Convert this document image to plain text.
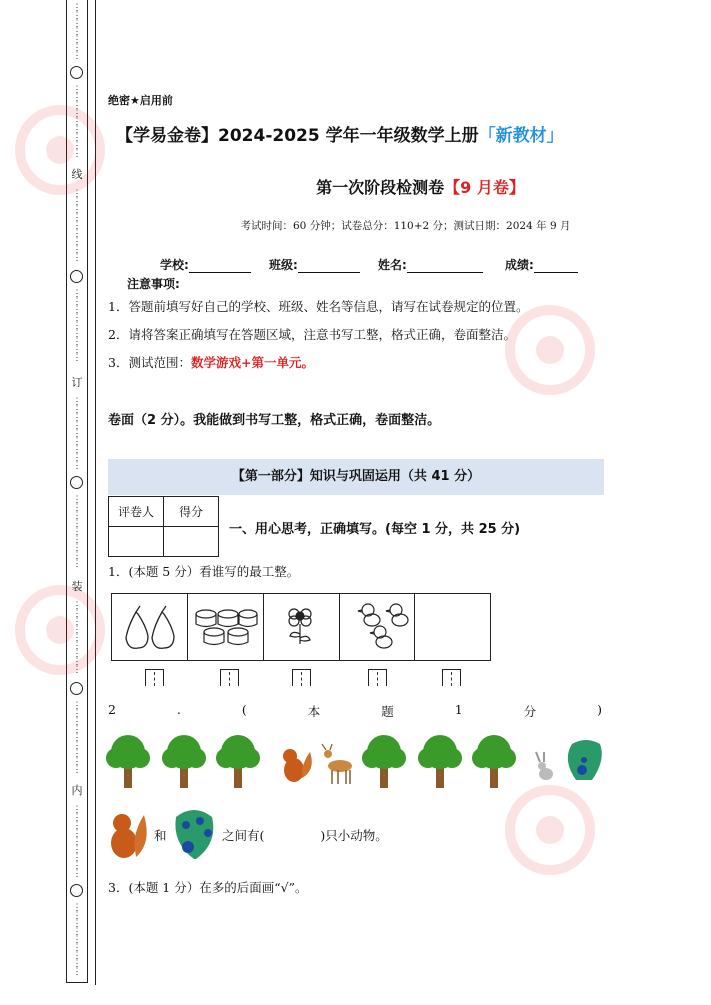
⋮
⋮
⋮
⋮
⋮
⋮
⋮
⋮
⋮
⋮
⋮
⋮
⋮
⋮
⋮
⋮
线
⋮
⋮
⋮
⋮
⋮
⋮
⋮
⋮
⋮
⋮
⋮
⋮
⋮
⋮
⋮
⋮
⋮
⋮
订
⋮
⋮
⋮
⋮
⋮
⋮
⋮
⋮
⋮
⋮
⋮
⋮
⋮
⋮
⋮
⋮
⋮
⋮
装
⋮
⋮
⋮
⋮
⋮
⋮
⋮
⋮
⋮
⋮
⋮
⋮
⋮
⋮
⋮
⋮
⋮
⋮
内
⋮
⋮
⋮
⋮
⋮
⋮
⋮
⋮
⋮
⋮
⋮
⋮
⋮
⋮
⋮
⋮
⋮
⋮
绝密★启用前
【学易金卷】2024-2025 学年一年级数学上册「新教材」
第一次阶段检测卷【9 月卷】
考试时间：60 分钟；试卷总分：110+2 分；测试日期：2024 年 9 月
学校:	班级:	姓名:	成绩:
注意事项:
1．答题前填写好自己的学校、班级、姓名等信息，请写在试卷规定的位置。
2．请将答案正确填写在答题区域，注意书写工整，格式正确，卷面整洁。
3．测试范围：数学游戏+第一单元。
卷面（2 分）。我能做到书写工整，格式正确，卷面整洁。
【第一部分】知识与巩固运用（共 41 分）
评卷人	得分

一、用心思考，正确填写。(每空 1 分，共 25 分)
1．(本题 5 分）看谁写的最工整。
2	.	(	本	题	1	分	)
和	之间有(	)只小动物。
3．(本题 1 分）在多的后面画“√”。
